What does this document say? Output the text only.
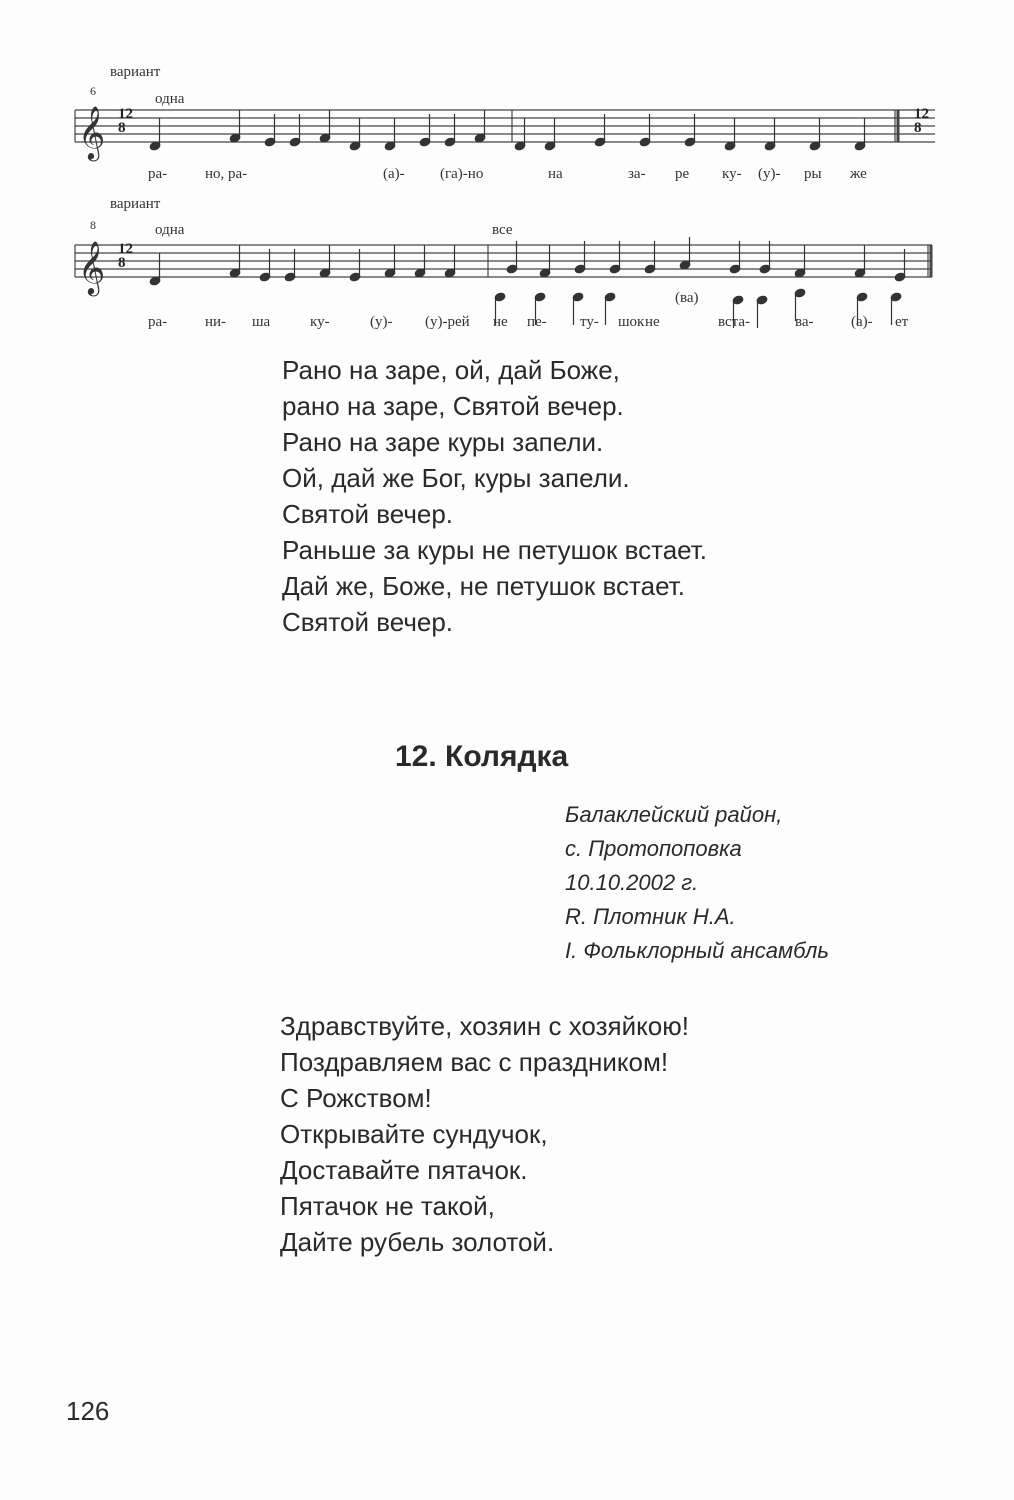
𝄞
𝄞
6
вариант
одна
12
8
12
8
ра-	но, ра-	(а)- (га)-но	на	за- ре ку- (у)- ры же
8
вариант
одна	все
12
8
(ва)
ра-	ни- ша	ку-	(у)- (у)-рей не пе- ту- шок не	вста-	ва- (а)- ет
Рано на заре, ой, дай Боже,
рано на заре, Святой вечер.
Рано на заре куры запели.
Ой, дай же Бог, куры запели.
Святой вечер.
Раньше за куры не петушок встает.
Дай же, Боже, не петушок встает.
Святой вечер.
12. Колядка
Балаклейский район,
с. Протопоповка
10.10.2002 г.
R. Плотник Н.А.
I. Фольклорный ансамбль
Здравствуйте, хозяин с хозяйкою!
Поздравляем вас с праздником!
С Рожством!
Открывайте сундучок,
Доставайте пятачок.
Пятачок не такой,
Дайте рубель золотой.
126
